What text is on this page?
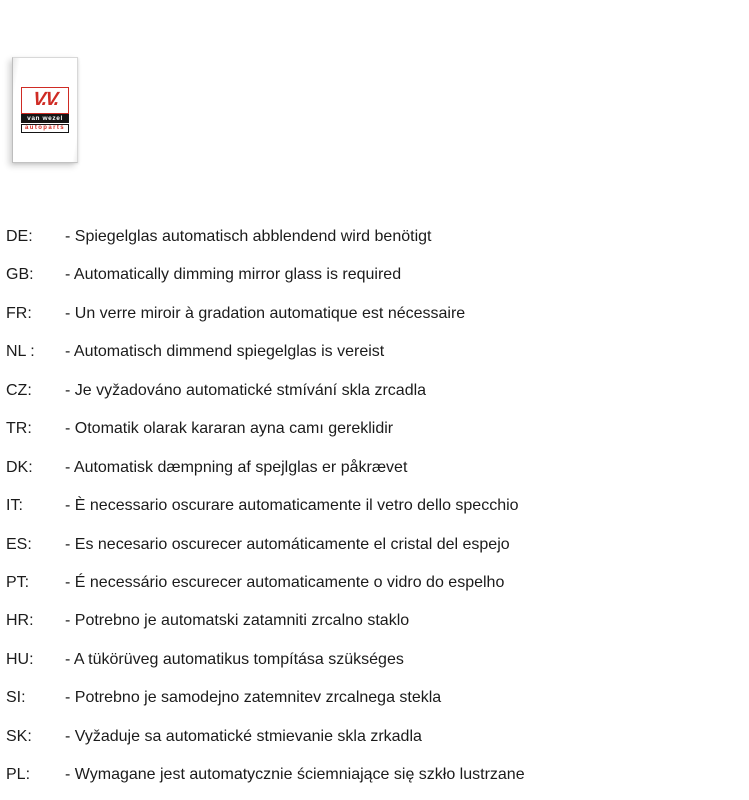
V.V.
van wezel
autoparts
DE:	- Spiegelglas automatisch abblendend wird benötigt
GB:	- Automatically dimming mirror glass is required
FR:	- Un verre miroir à gradation automatique est nécessaire
NL :	- Automatisch dimmend spiegelglas is vereist
CZ:	- Je vyžadováno automatické stmívání skla zrcadla
TR:	- Otomatik olarak kararan ayna camı gereklidir
DK:	- Automatisk dæmpning af spejlglas er påkrævet
IT:	- È necessario oscurare automaticamente il vetro dello specchio
ES:	- Es necesario oscurecer automáticamente el cristal del espejo
PT:	- É necessário escurecer automaticamente o vidro do espelho
HR:	- Potrebno je automatski zatamniti zrcalno staklo
HU:	- A tükörüveg automatikus tompítása szükséges
SI:	- Potrebno je samodejno zatemnitev zrcalnega stekla
SK:	- Vyžaduje sa automatické stmievanie skla zrkadla
PL:	- Wymagane jest automatycznie ściemniające się szkło lustrzane
